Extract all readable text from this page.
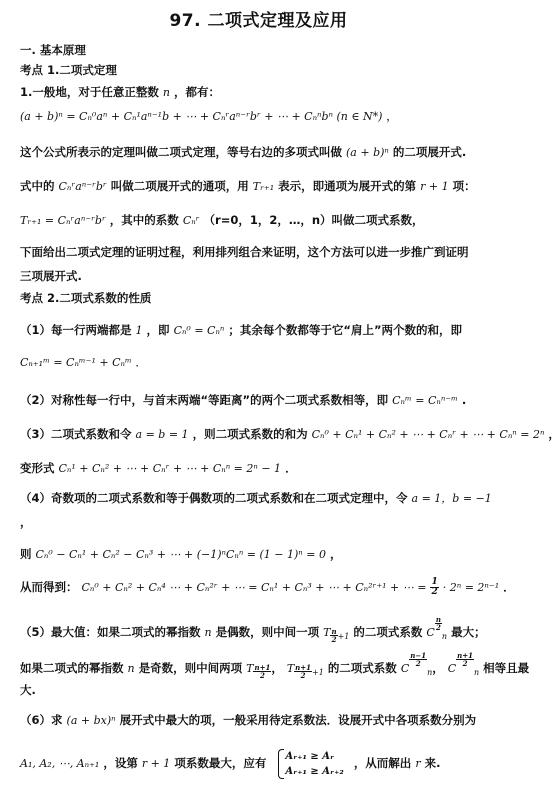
97. 二项式定理及应用
一. 基本原理
考点 1.二项式定理
1.一般地，对于任意正整数 n ，都有：
(a + b)ⁿ = Cₙ⁰aⁿ + Cₙ¹aⁿ⁻¹b + ⋯ + Cₙʳaⁿ⁻ʳbʳ + ⋯ + Cₙⁿbⁿ (n ∈ N*) ，
这个公式所表示的定理叫做二项式定理，等号右边的多项式叫做 (a + b)ⁿ 的二项展开式.
式中的 Cₙʳaⁿ⁻ʳbʳ 叫做二项展开式的通项，用 Tᵣ₊₁ 表示，即通项为展开式的第 r + 1 项：
Tᵣ₊₁ = Cₙʳaⁿ⁻ʳbʳ ，其中的系数 Cₙʳ （r=0，1，2，…，n）叫做二项式系数，
下面给出二项式定理的证明过程，利用排列组合来证明，这个方法可以进一步推广到证明
三项展开式.
考点 2.二项式系数的性质
（1）每一行两端都是 1 ，即 Cₙ⁰ = Cₙⁿ ；其余每个数都等于它“肩上”两个数的和，即
Cₙ₊₁ᵐ = Cₙᵐ⁻¹ + Cₙᵐ ．
（2）对称性每一行中，与首末两端“等距离”的两个二项式系数相等，即 Cₙᵐ = Cₙⁿ⁻ᵐ .
（3）二项式系数和令 a = b = 1 ，则二项式系数的和为 Cₙ⁰ + Cₙ¹ + Cₙ² + ⋯ + Cₙʳ + ⋯ + Cₙⁿ = 2ⁿ ，
变形式 Cₙ¹ + Cₙ² + ⋯ + Cₙʳ + ⋯ + Cₙⁿ = 2ⁿ − 1 ．
（4）奇数项的二项式系数和等于偶数项的二项式系数和在二项式定理中，令 a = 1，b = −1
，
则 Cₙ⁰ − Cₙ¹ + Cₙ² − Cₙ³ + ⋯ + (−1)ⁿCₙⁿ = (1 − 1)ⁿ = 0 ，
从而得到： Cₙ⁰ + Cₙ² + Cₙ⁴ ⋯ + Cₙ²ʳ + ⋯ = Cₙ¹ + Cₙ³ + ⋯ + Cₙ²ʳ⁺¹ + ⋯ = $\frac{1}{2} \cdot 2^n = 2^{n-1}$ ．
（5）最大值：如果二项式的幂指数 n 是偶数，则中间一项 T $\frac{n}{2} _{+1}$ 的二项式系数 C
$\frac{n}{2}$
$_n$ 最大；
如果二项式的幂指数 n 是奇数，则中间两项 T $\frac{n+1}{2}$ ， T $\frac{n+1}{2} _{+1}$ 的二项式系数 C
$\frac{n-1}{2}$
$_n$， C
$\frac{n+1}{2}$
$_n$ 相等且最
大.
（6）求 (a + bx)ⁿ 展开式中最大的项，一般采用待定系数法．设展开式中各项系数分别为
A₁, A₂, ⋯, Aₙ₊₁ ，设第 r + 1 项系数最大，应有 Aᵣ₊₁ ≥ Aᵣ
Aᵣ₊₁ ≥ Aᵣ₊₂
，从而解出 r 来.
